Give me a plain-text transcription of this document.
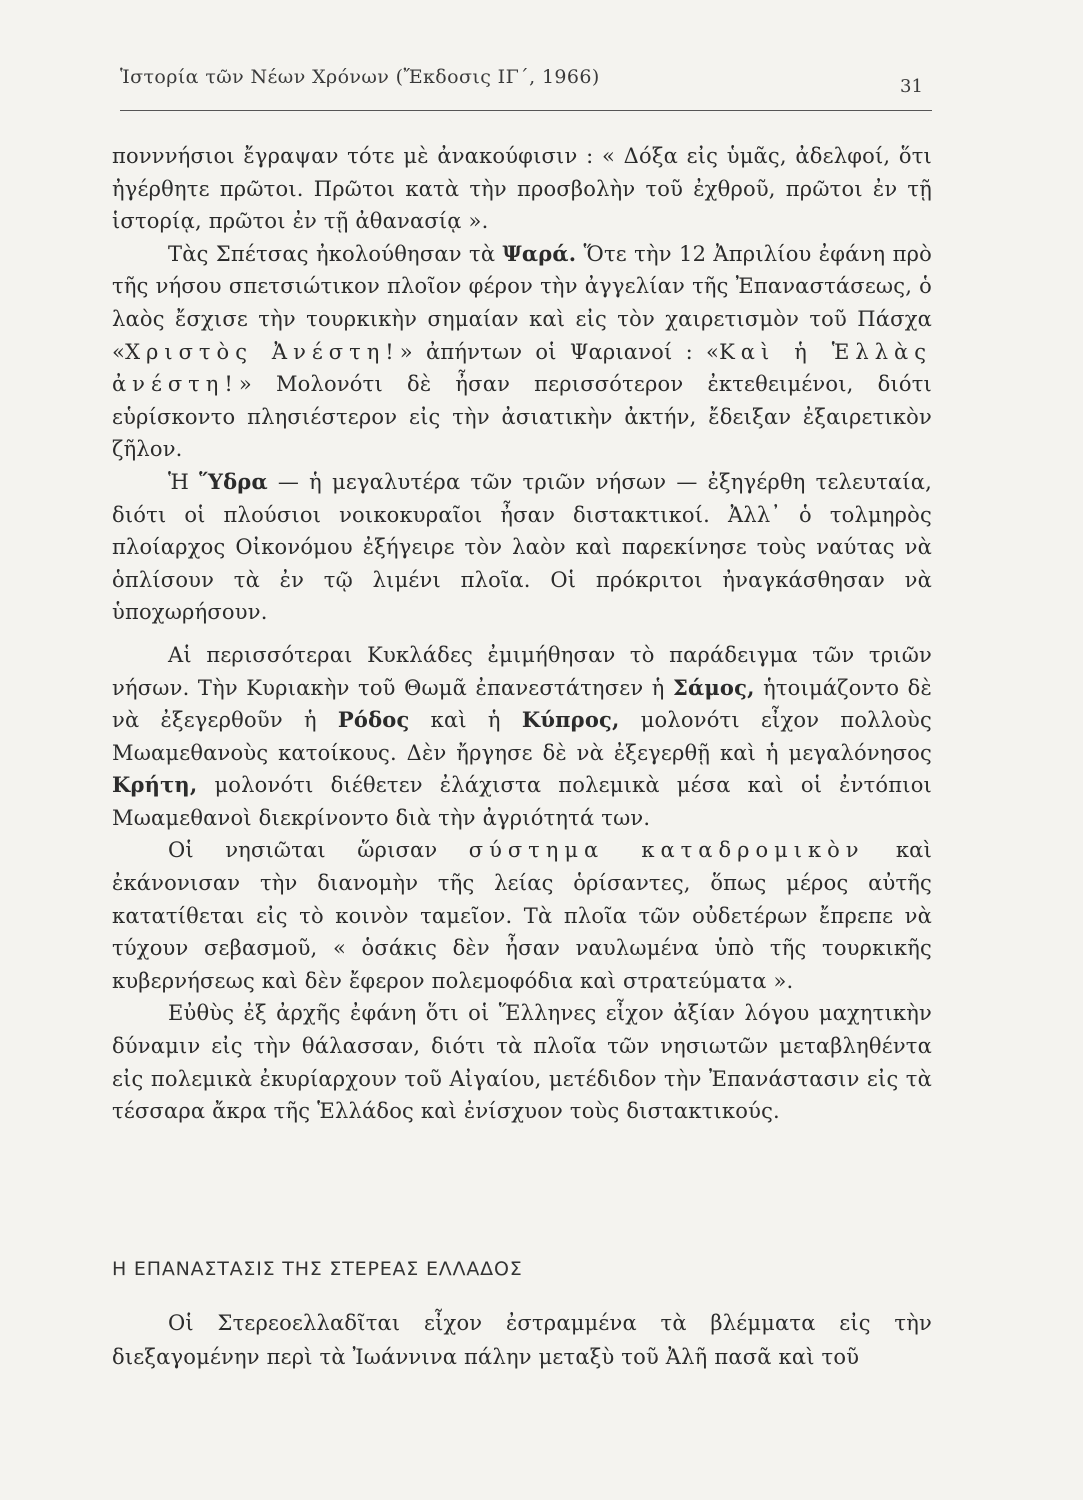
Ἱστορία τῶν Νέων Χρόνων (Ἔκδοσις ΙΓ΄, 1966)	31

πονννήσιοι ἔγραψαν τότε μὲ ἀνακούφισιν : « Δόξα εἰς ὑμᾶς, ἀδελφοί, ὅτι ἠγέρθητε πρῶτοι. Πρῶτοι κατὰ τὴν προσβολὴν τοῦ ἐχθροῦ, πρῶτοι ἐν τῇ ἱστορίᾳ, πρῶτοι ἐν τῇ ἀθανασίᾳ ».

Τὰς Σπέτσας ἠκολούθησαν τὰ Ψαρά. Ὅτε τὴν 12 Ἀπριλίου ἐφάνη πρὸ τῆς νήσου σπετσιώτικον πλοῖον φέρον τὴν ἀγγελίαν τῆς Ἐπαναστάσεως, ὁ λαὸς ἔσχισε τὴν τουρκικὴν σημαίαν καὶ εἰς τὸν χαιρετισμὸν τοῦ Πάσχα «Χριστὸς Ἀνέστη!» ἀπήντων οἱ Ψαριανοί : «Καὶ ἡ Ἑλλὰς ἀνέστη!» Μολονότι δὲ ἦσαν περισσότερον ἐκτεθειμένοι, διότι εὑρίσκοντο πλησιέστερον εἰς τὴν ἀσιατικὴν ἀκτήν, ἔδειξαν ἐξαιρετικὸν ζῆλον.

Ἡ Ὕδρα — ἡ μεγαλυτέρα τῶν τριῶν νήσων — ἐξηγέρθη τελευταία, διότι οἱ πλούσιοι νοικοκυραῖοι ἦσαν διστακτικοί. Ἀλλ᾽ ὁ τολμηρὸς πλοίαρχος Οἰκονόμου ἐξήγειρε τὸν λαὸν καὶ παρεκίνησε τοὺς ναύτας νὰ ὁπλίσουν τὰ ἐν τῷ λιμένι πλοῖα. Οἱ πρόκριτοι ἠναγκάσθησαν νὰ ὑποχωρήσουν.

Αἱ περισσότεραι Κυκλάδες ἐμιμήθησαν τὸ παράδειγμα τῶν τριῶν νήσων. Τὴν Κυριακὴν τοῦ Θωμᾶ ἐπανεστάτησεν ἡ Σάμος, ἡτοιμάζοντο δὲ νὰ ἐξεγερθοῦν ἡ Ρόδος καὶ ἡ Κύπρος, μολονότι εἶχον πολλοὺς Μωαμεθανοὺς κατοίκους. Δὲν ἤργησε δὲ νὰ ἐξεγερθῇ καὶ ἡ μεγαλόνησος Κρήτη, μολονότι διέθετεν ἐλάχιστα πολεμικὰ μέσα καὶ οἱ ἐντόπιοι Μωαμεθανοὶ διεκρίνοντο διὰ τὴν ἀγριότητά των.

Οἱ νησιῶται ὥρισαν σύστημα καταδρομικὸν καὶ ἐκάνονισαν τὴν διανομὴν τῆς λείας ὁρίσαντες, ὅπως μέρος αὐτῆς κατατίθεται εἰς τὸ κοινὸν ταμεῖον. Τὰ πλοῖα τῶν οὐδετέρων ἔπρεπε νὰ τύχουν σεβασμοῦ, « ὁσάκις δὲν ἦσαν ναυλωμένα ὑπὸ τῆς τουρκικῆς κυβερνήσεως καὶ δὲν ἔφερον πολεμοφόδια καὶ στρατεύματα ».

Εὐθὺς ἐξ ἀρχῆς ἐφάνη ὅτι οἱ Ἕλληνες εἶχον ἀξίαν λόγου μαχητικὴν δύναμιν εἰς τὴν θάλασσαν, διότι τὰ πλοῖα τῶν νησιωτῶν μεταβληθέντα εἰς πολεμικὰ ἐκυρίαρχουν τοῦ Αἰγαίου, μετέδιδον τὴν Ἐπανάστασιν εἰς τὰ τέσσαρα ἄκρα τῆς Ἑλλάδος καὶ ἐνίσχυον τοὺς διστακτικούς.

Η ΕΠΑΝΑΣΤΑΣΙΣ ΤΗΣ ΣΤΕΡΕΑΣ ΕΛΛΑΔΟΣ

Οἱ Στερεοελλαδῖται εἶχον ἐστραμμένα τὰ βλέμματα εἰς τὴν διεξαγομένην περὶ τὰ Ἰωάννινα πάλην μεταξὺ τοῦ Ἀλῆ πασᾶ καὶ τοῦ
